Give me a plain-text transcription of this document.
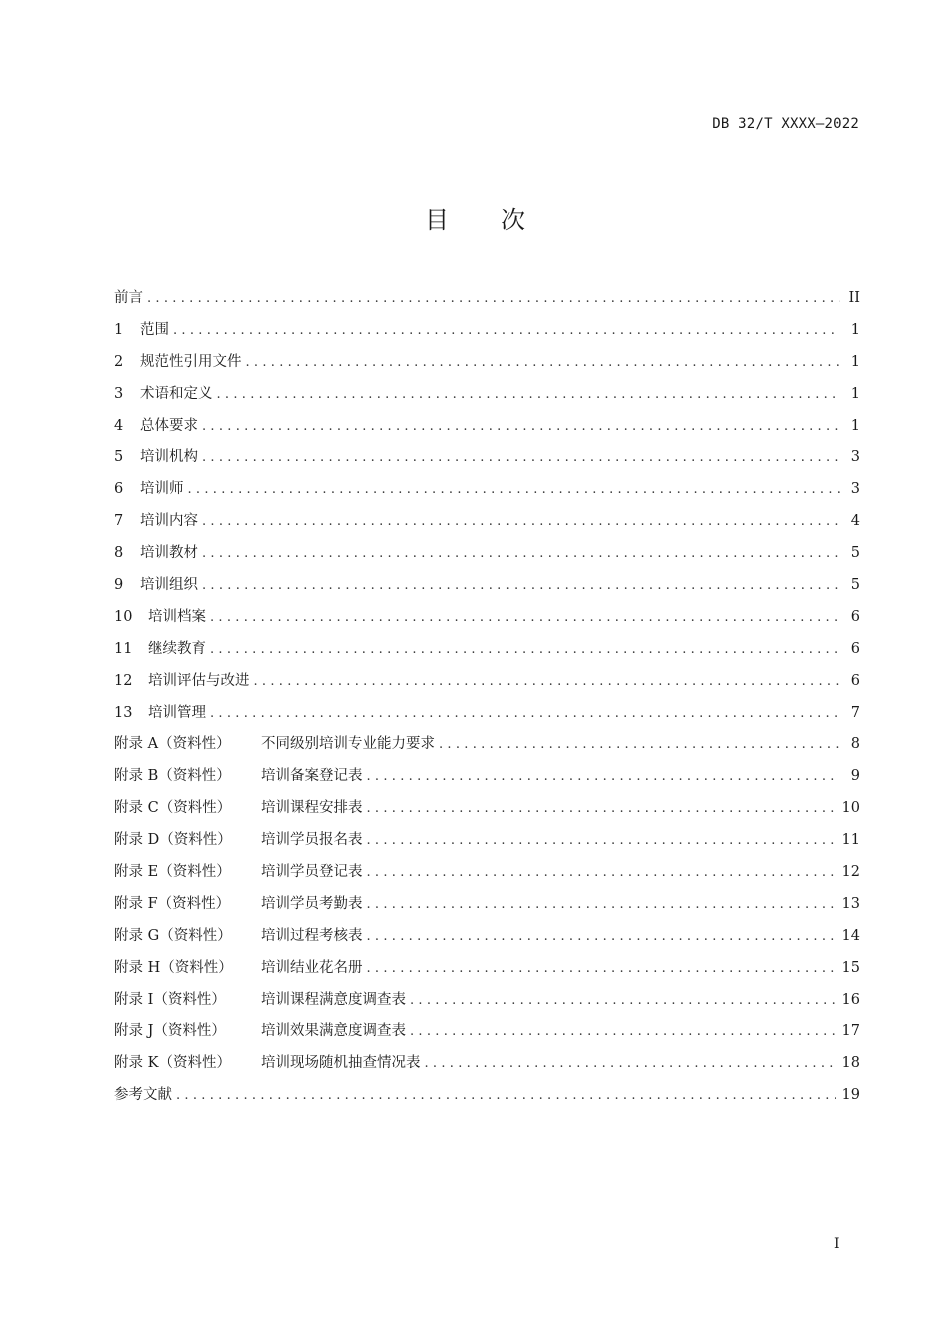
DB 32/T XXXX—2022
目 次
前言 .....	II
1	范围 .....	1
2	规范性引用文件 .....	1
3	术语和定义 .....	1
4	总体要求 .....	1
5	培训机构 .....	3
6	培训师 .....	3
7	培训内容 .....	4
8	培训教材 .....	5
9	培训组织 .....	5
10	培训档案 .....	6
11	继续教育 .....	6
12	培训评估与改进 .....	6
13	培训管理 .....	7
附录 A（资料性）	不同级别培训专业能力要求 .....	8
附录 B（资料性）	培训备案登记表 .....	9
附录 C（资料性）	培训课程安排表 .....	10
附录 D（资料性）	培训学员报名表 .....	11
附录 E（资料性）	培训学员登记表 .....	12
附录 F（资料性）	培训学员考勤表 .....	13
附录 G（资料性）	培训过程考核表 .....	14
附录 H（资料性）	培训结业花名册 .....	15
附录 I（资料性）	培训课程满意度调查表 .....	16
附录 J（资料性）	培训效果满意度调查表 .....	17
附录 K（资料性）	培训现场随机抽查情况表 .....	18
参考文献 .....	19
I
